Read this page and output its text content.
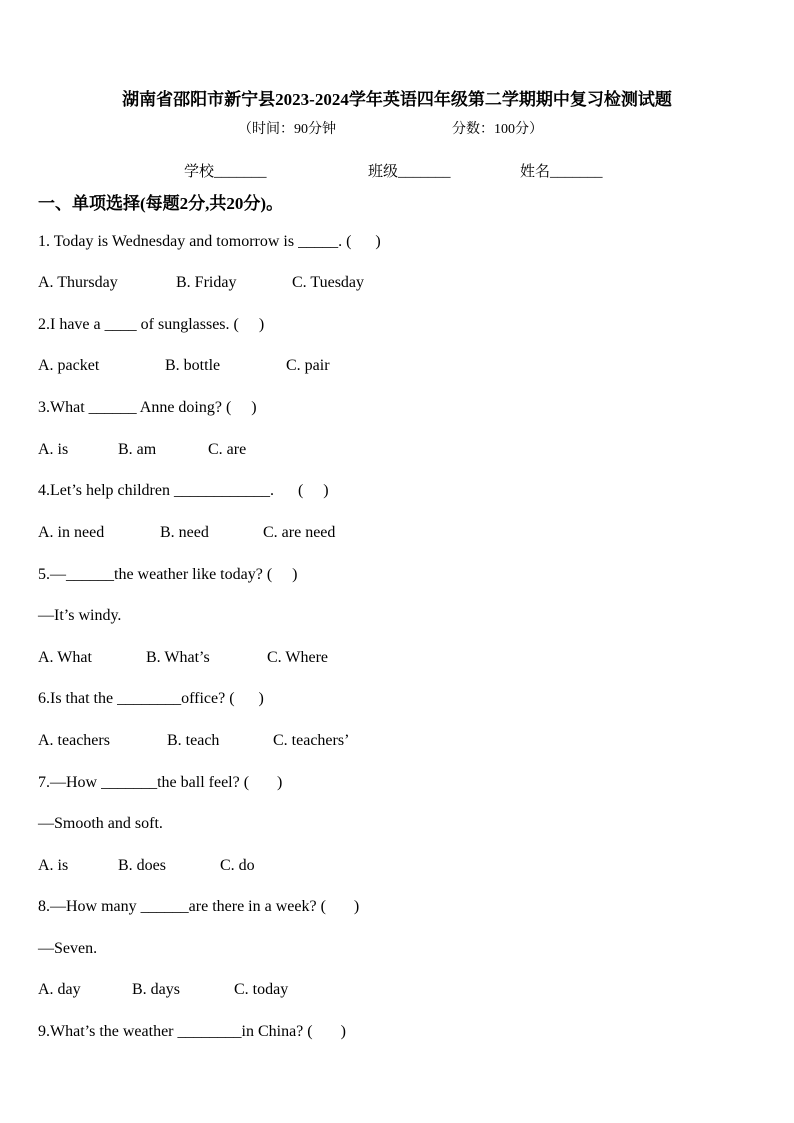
湖南省邵阳市新宁县2023-2024学年英语四年级第二学期期中复习检测试题
（时间：90分钟	分数：100分）
学校_______	班级_______	姓名_______
一、单项选择(每题2分,共20分)。
1. Today is Wednesday and tomorrow is _____. (      )
A. Thursday	B. Friday	C. Tuesday
2.I have a ____ of sunglasses. (     )
A. packet	B. bottle	C. pair
3.What ______ Anne doing? (     )
A. is	B. am	C. are
4.Let’s help children ____________.      (     )
A. in need	B. need	C. are need
5.—______the weather like today? (     )
—It’s windy.
A. What	B. What’s	C. Where
6.Is that the ________office? (      )
A. teachers	B. teach	C. teachers’
7.—How _______the ball feel? (       )
—Smooth and soft.
A. is	B. does	C. do
8.—How many ______are there in a week? (       )
—Seven.
A. day	B. days	C. today
9.What’s the weather ________in China? (       )
